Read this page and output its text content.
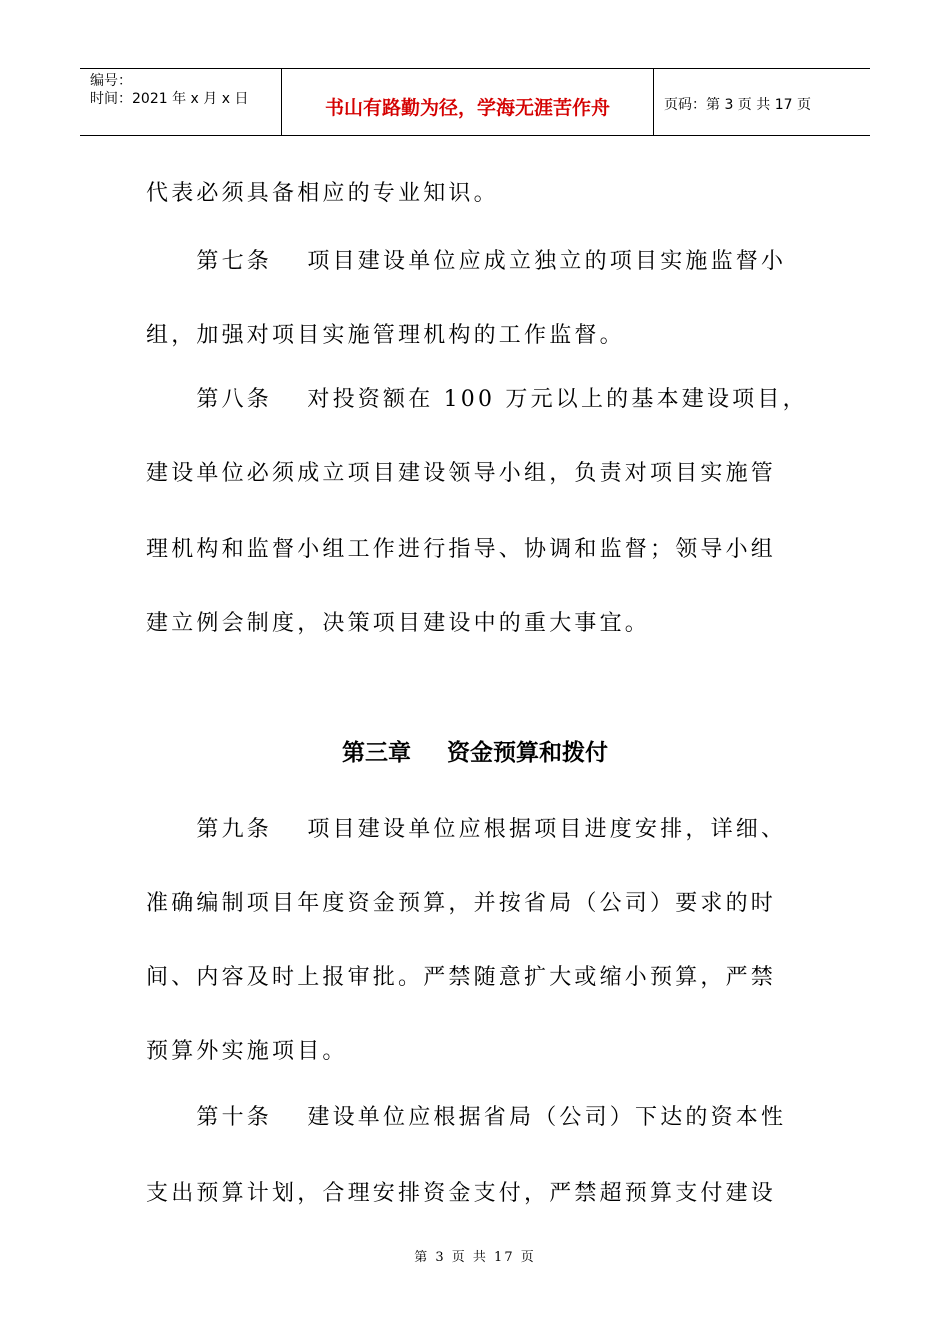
编号：
时间：2021 年 x 月 x 日	书山有路勤为径，学海无涯苦作舟	页码：第 3 页 共 17 页
代表必须具备相应的专业知识。
　　第七条　 项目建设单位应成立独立的项目实施监督小
组，加强对项目实施管理机构的工作监督。
　　第八条　 对投资额在 100 万元以上的基本建设项目，
建设单位必须成立项目建设领导小组，负责对项目实施管
理机构和监督小组工作进行指导、协调和监督；领导小组
建立例会制度，决策项目建设中的重大事宜。
第三章 资金预算和拨付
　　第九条　 项目建设单位应根据项目进度安排，详细、
准确编制项目年度资金预算，并按省局（公司）要求的时
间、内容及时上报审批。严禁随意扩大或缩小预算，严禁
预算外实施项目。
　　第十条　 建设单位应根据省局（公司）下达的资本性
支出预算计划，合理安排资金支付，严禁超预算支付建设
第 3 页 共 17 页
